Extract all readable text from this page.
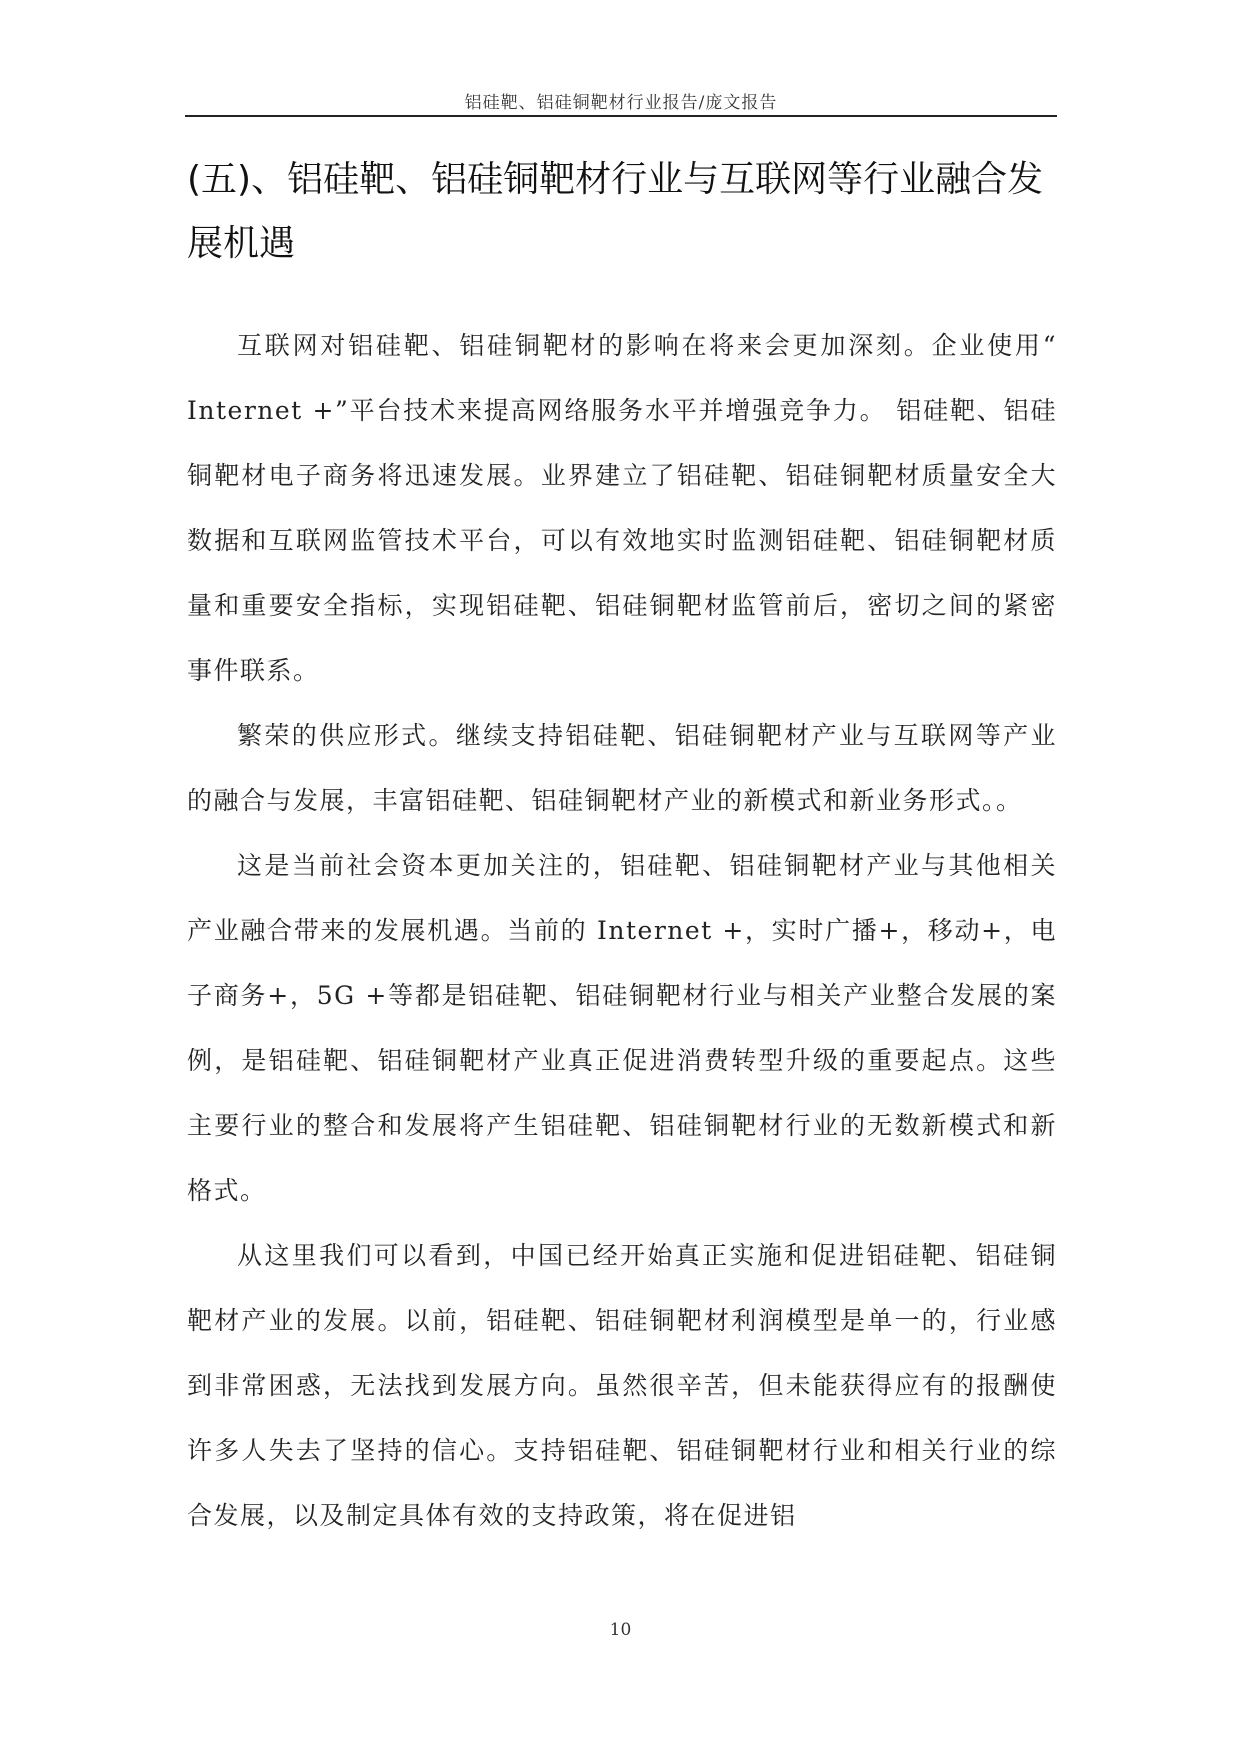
铝硅靶、铝硅铜靶材行业报告/庞文报告
(五)、铝硅靶、铝硅铜靶材行业与互联网等行业融合发展机遇

互联网对铝硅靶、铝硅铜靶材的影响在将来会更加深刻。企业使用“ Internet +”平台技术来提高网络服务水平并增强竞争力。 铝硅靶、铝硅铜靶材电子商务将迅速发展。业界建立了铝硅靶、铝硅铜靶材质量安全大数据和互联网监管技术平台，可以有效地实时监测铝硅靶、铝硅铜靶材质量和重要安全指标，实现铝硅靶、铝硅铜靶材监管前后，密切之间的紧密事件联系。

繁荣的供应形式。继续支持铝硅靶、铝硅铜靶材产业与互联网等产业的融合与发展，丰富铝硅靶、铝硅铜靶材产业的新模式和新业务形式。。

这是当前社会资本更加关注的，铝硅靶、铝硅铜靶材产业与其他相关产业融合带来的发展机遇。当前的 Internet +，实时广播+，移动+，电子商务+，5G +等都是铝硅靶、铝硅铜靶材行业与相关产业整合发展的案例，是铝硅靶、铝硅铜靶材产业真正促进消费转型升级的重要起点。这些主要行业的整合和发展将产生铝硅靶、铝硅铜靶材行业的无数新模式和新格式。

从这里我们可以看到，中国已经开始真正实施和促进铝硅靶、铝硅铜靶材产业的发展。以前，铝硅靶、铝硅铜靶材利润模型是单一的，行业感到非常困惑，无法找到发展方向。虽然很辛苦，但未能获得应有的报酬使许多人失去了坚持的信心。支持铝硅靶、铝硅铜靶材行业和相关行业的综合发展，以及制定具体有效的支持政策，将在促进铝

10
